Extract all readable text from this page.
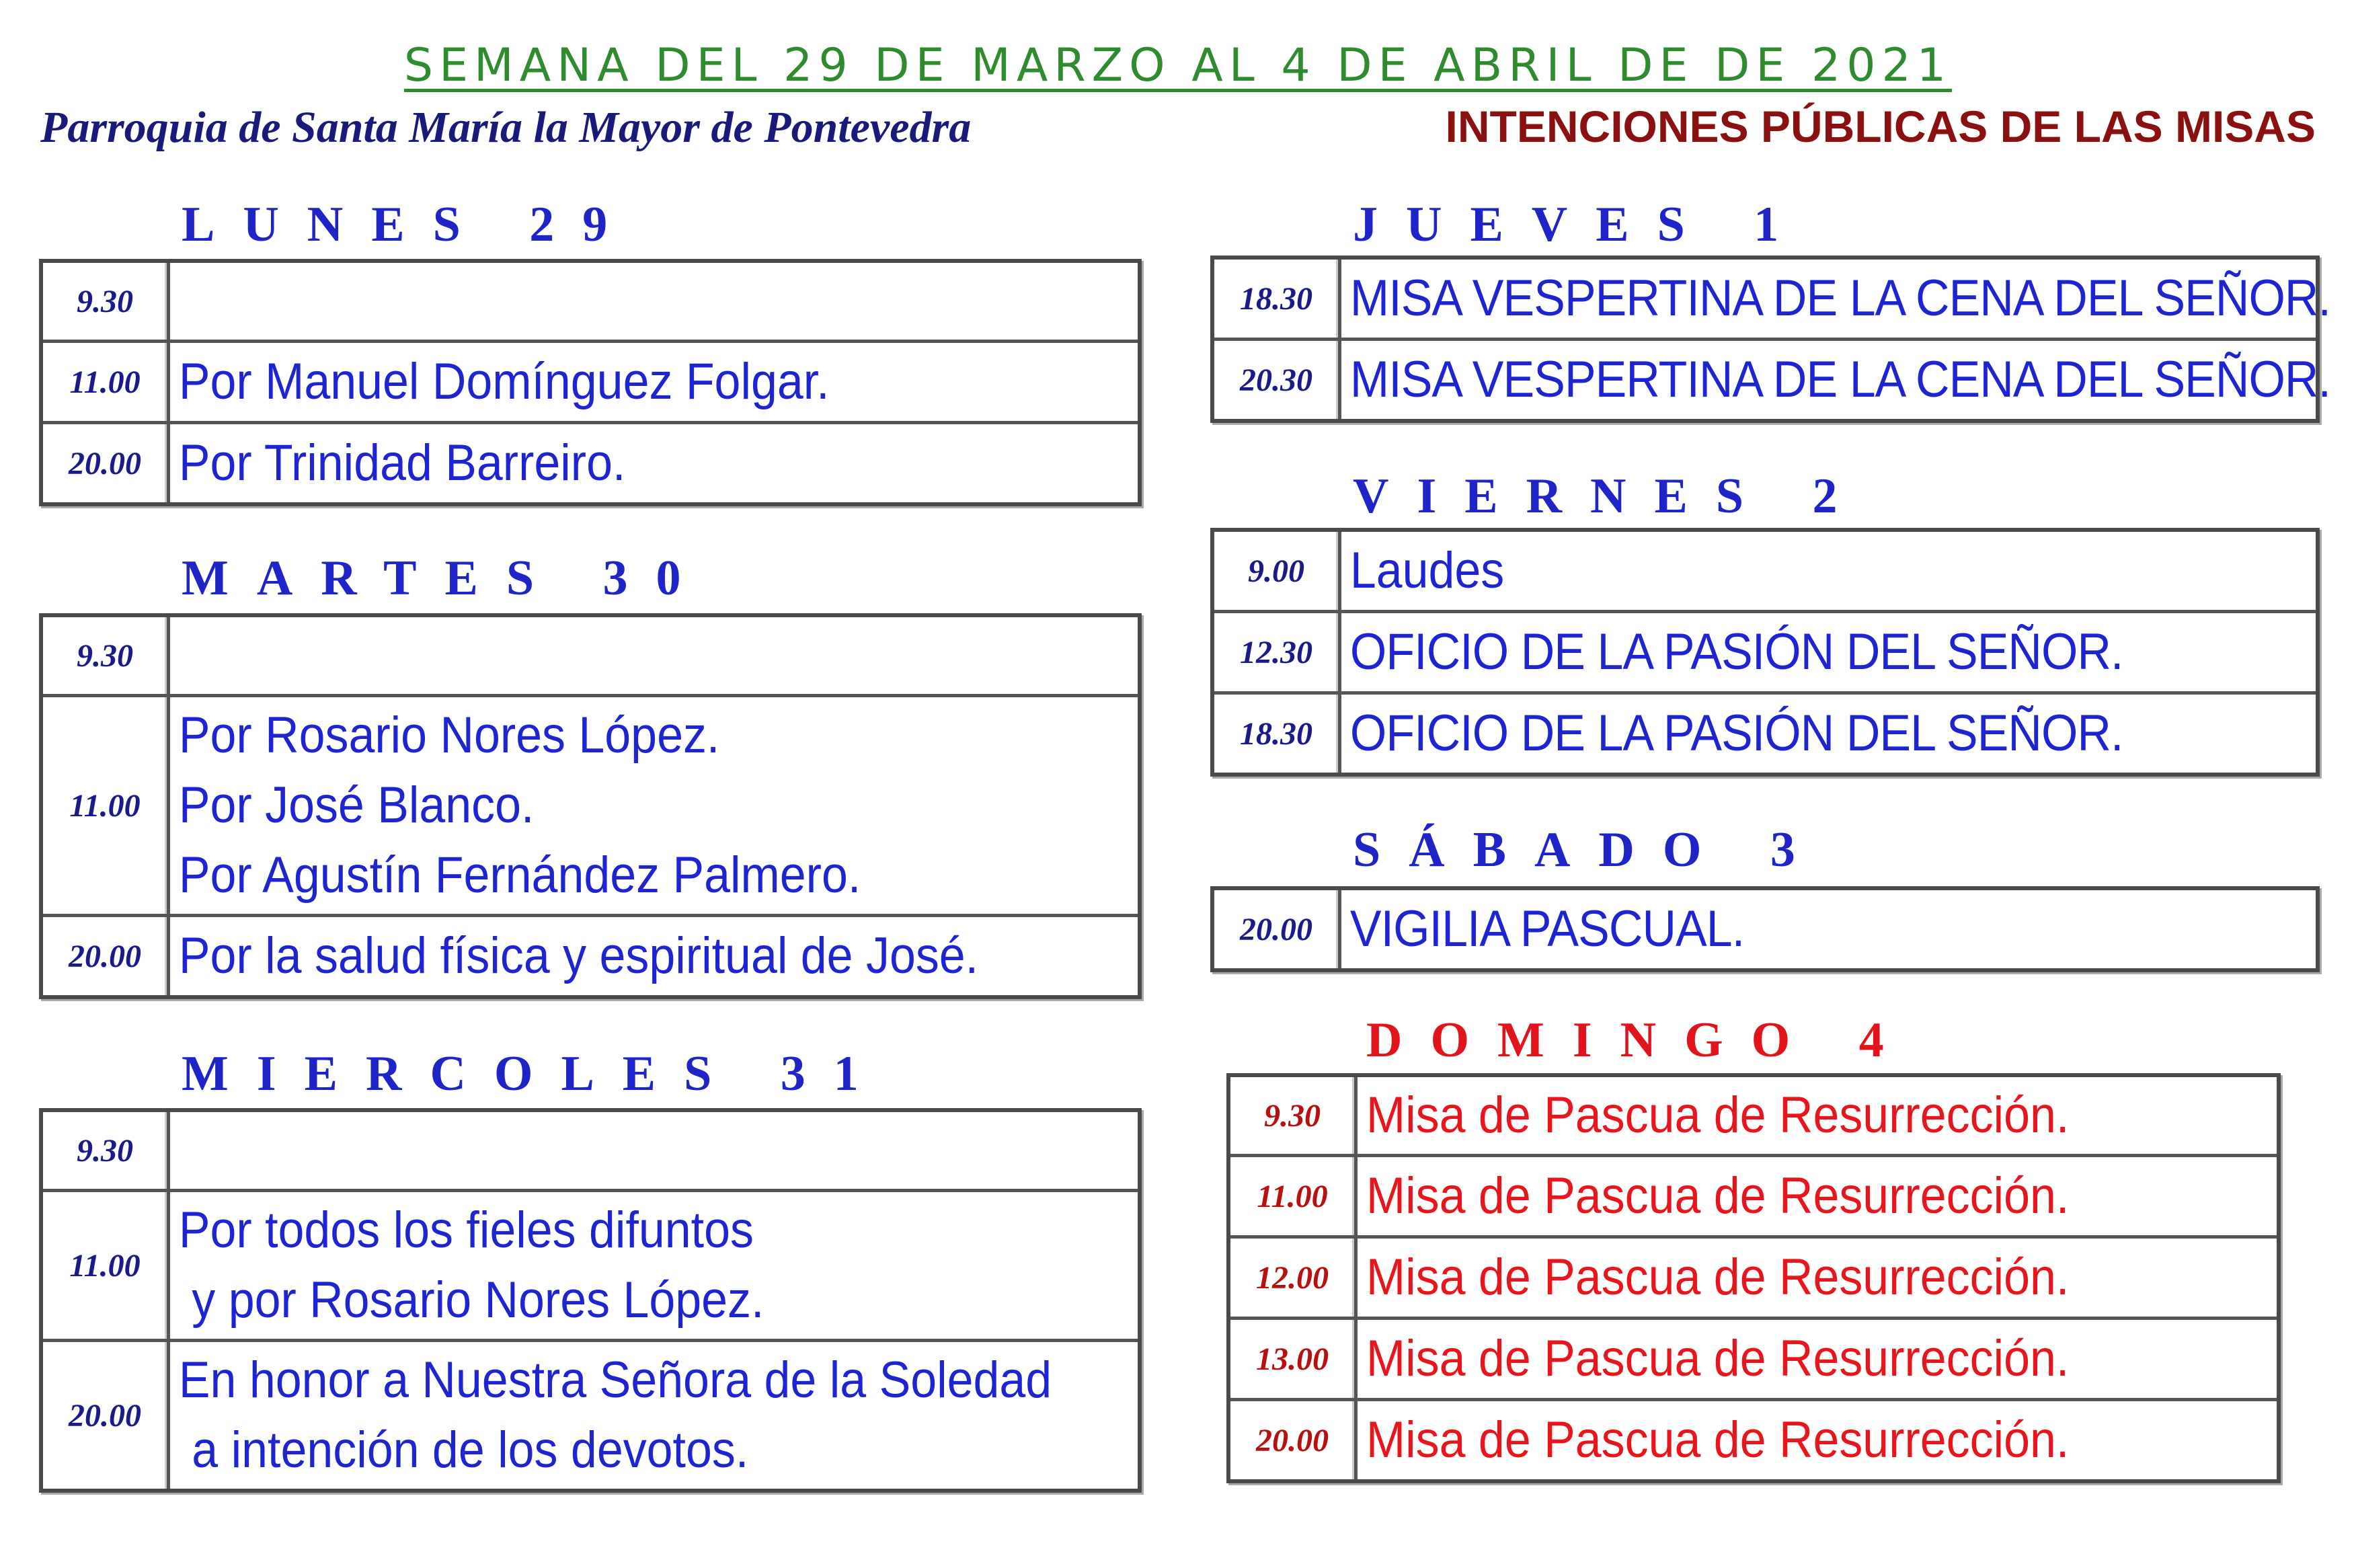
SEMANA DEL 29 DE MARZO AL 4 DE ABRIL DE DE 2021
Parroquia de Santa María la Mayor de Pontevedra	INTENCIONES PÚBLICAS DE LAS MISAS
LUNES 29
9.30
11.00 Por Manuel Domínguez Folgar.
20.00 Por Trinidad Barreiro.
MARTES 30
9.30
11.00
Por Rosario Nores López.
Por José Blanco.
Por Agustín Fernández Palmero.
20.00 Por la salud física y espiritual de José.
MIERCOLES 31
9.30
11.00
Por todos los fieles difuntos
y por Rosario Nores López.
20.00
En honor a Nuestra Señora de la Soledad
a intención de los devotos.
JUEVES 1
18.30 MISA VESPERTINA DE LA CENA DEL SEÑOR.
20.30 MISA VESPERTINA DE LA CENA DEL SEÑOR.
VIERNES 2
9.00 Laudes
12.30 OFICIO DE LA PASIÓN DEL SEÑOR.
18.30 OFICIO DE LA PASIÓN DEL SEÑOR.
SÁBADO 3
20.00 VIGILIA PASCUAL.
DOMINGO 4
9.30 Misa de Pascua de Resurrección.
11.00 Misa de Pascua de Resurrección.
12.00 Misa de Pascua de Resurrección.
13.00 Misa de Pascua de Resurrección.
20.00 Misa de Pascua de Resurrección.
